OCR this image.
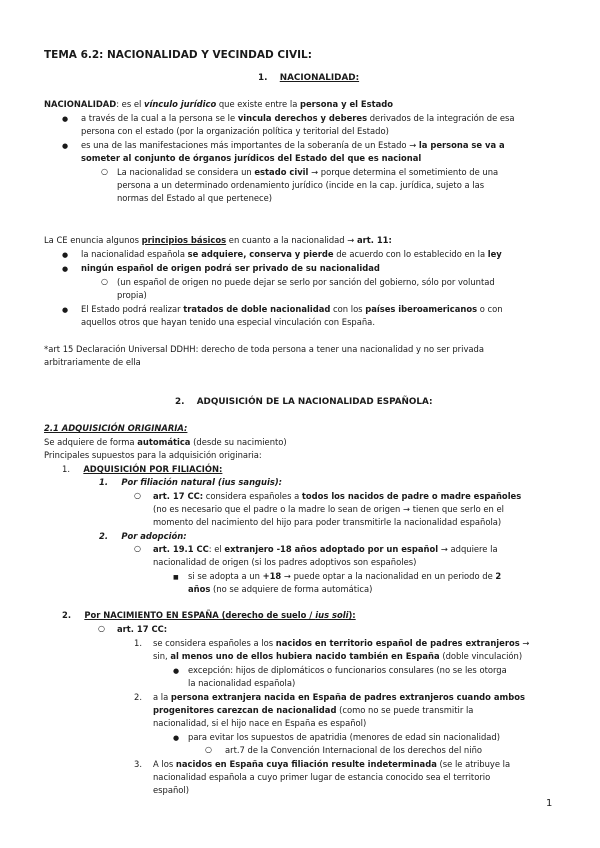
TEMA 6.2: NACIONALIDAD Y VECINDAD CIVIL:
1. NACIONALIDAD:
NACIONALIDAD: es el vínculo jurídico que existe entre la persona y el Estado
● a través de la cual a la persona se le vincula derechos y deberes derivados de la integración de esa
persona con el estado (por la organización política y teritorial del Estado)
● es una de las manifestaciones más importantes de la soberanía de un Estado → la persona se va a
someter al conjunto de órganos jurídicos del Estado del que es nacional
○ La nacionalidad se considera un estado civil → porque determina el sometimiento de una
persona a un determinado ordenamiento jurídico (incide en la cap. jurídica, sujeto a las
normas del Estado al que pertenece)
La CE enuncia algunos principios básicos en cuanto a la nacionalidad → art. 11:
● la nacionalidad española se adquiere, conserva y pierde de acuerdo con lo establecido en la ley
● ningún español de origen podrá ser privado de su nacionalidad
○ (un español de origen no puede dejar se serlo por sanción del gobierno, sólo por voluntad
propia)
● El Estado podrá realizar tratados de doble nacionalidad con los países iberoamericanos o con
aquellos otros que hayan tenido una especial vinculación con España.
*art 15 Declaración Universal DDHH: derecho de toda persona a tener una nacionalidad y no ser privada
arbitrariamente de ella
2. ADQUISICIÓN DE LA NACIONALIDAD ESPAÑOLA:
2.1 ADQUISICIÓN ORIGINARIA:
Se adquiere de forma automática (desde su nacimiento)
Principales supuestos para la adquisición originaria:
1. ADQUISICIÓN POR FILIACIÓN:
1. Por filiación natural (ius sanguis):
○ art. 17 CC: considera españoles a todos los nacidos de padre o madre españoles
(no es necesario que el padre o la madre lo sean de origen → tienen que serlo en el
momento del nacimiento del hijo para poder transmitirle la nacionalidad española)
2. Por adopción:
○ art. 19.1 CC: el extranjero -18 años adoptado por un español → adquiere la
nacionalidad de origen (si los padres adoptivos son españoles)
■ si se adopta a un +18 → puede optar a la nacionalidad en un periodo de 2
años (no se adquiere de forma automática)
2. Por NACIMIENTO EN ESPAÑA (derecho de suelo / ius soli):
○ art. 17 CC:
1. se considera españoles a los nacidos en territorio español de padres extranjeros →
sin, al menos uno de ellos hubiera nacido también en España (doble vinculación)
● excepción: hijos de diplomáticos o funcionarios consulares (no se les otorga
la nacionalidad española)
2. a la persona extranjera nacida en España de padres extranjeros cuando ambos
progenitores carezcan de nacionalidad (como no se puede transmitir la
nacionalidad, si el hijo nace en España es español)
● para evitar los supuestos de apatridia (menores de edad sin nacionalidad)
○ art.7 de la Convención Internacional de los derechos del niño
3. A los nacidos en España cuya filiación resulte indeterminada (se le atribuye la
nacionalidad española a cuyo primer lugar de estancia conocido sea el territorio
español)
1
